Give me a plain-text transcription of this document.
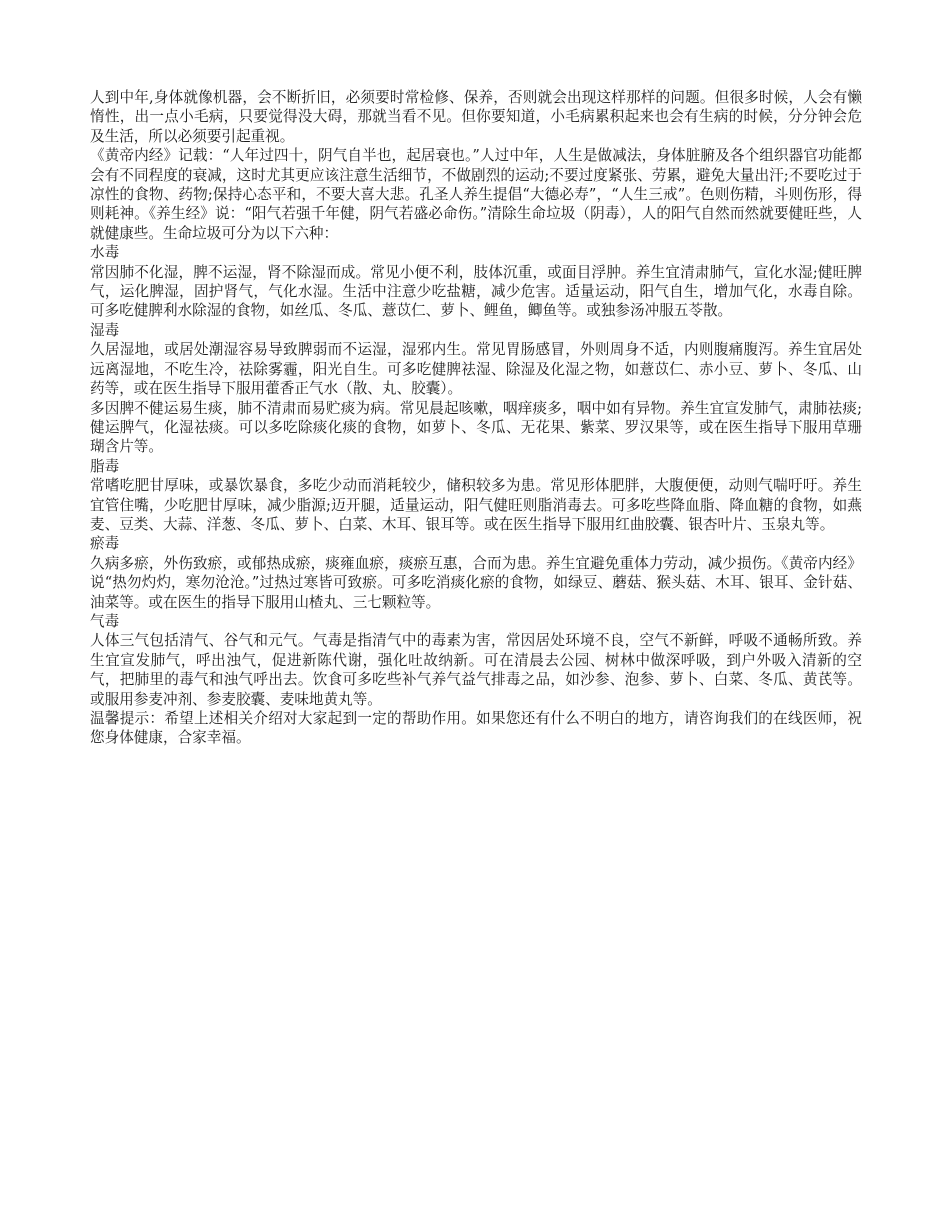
人到中年,身体就像机器，会不断折旧，必须要时常检修、保养，否则就会出现这样那样的问题。但很多时候，人会有懒惰性，出一点小毛病，只要觉得没大碍，那就当看不见。但你要知道，小毛病累积起来也会有生病的时候，分分钟会危及生活，所以必须要引起重视。

《黄帝内经》记载：“人年过四十，阴气自半也，起居衰也。”人过中年，人生是做减法，身体脏腑及各个组织器官功能都会有不同程度的衰减，这时尤其更应该注意生活细节，不做剧烈的运动;不要过度紧张、劳累，避免大量出汗;不要吃过于凉性的食物、药物;保持心态平和，不要大喜大悲。孔圣人养生提倡“大德必寿”，“人生三戒”。色则伤精，斗则伤形，得则耗神。《养生经》说：“阳气若强千年健，阴气若盛必命伤。”清除生命垃圾（阴毒），人的阳气自然而然就要健旺些，人就健康些。生命垃圾可分为以下六种：

水毒

常因肺不化湿，脾不运湿，肾不除湿而成。常见小便不利，肢体沉重，或面目浮肿。养生宜清肃肺气，宣化水湿;健旺脾气，运化脾湿，固护肾气，气化水湿。生活中注意少吃盐糖，减少危害。适量运动，阳气自生，增加气化，水毒自除。可多吃健脾利水除湿的食物，如丝瓜、冬瓜、薏苡仁、萝卜、鲤鱼，鲫鱼等。或独参汤冲服五苓散。

湿毒

久居湿地，或居处潮湿容易导致脾弱而不运湿，湿邪内生。常见胃肠感冒，外则周身不适，内则腹痛腹泻。养生宜居处远离湿地，不吃生冷，祛除雾霾，阳光自生。可多吃健脾祛湿、除湿及化湿之物，如薏苡仁、赤小豆、萝卜、冬瓜、山药等，或在医生指导下服用藿香正气水（散、丸、胶囊）。

多因脾不健运易生痰，肺不清肃而易贮痰为病。常见晨起咳嗽，咽痒痰多，咽中如有异物。养生宜宣发肺气，肃肺祛痰;健运脾气，化湿祛痰。可以多吃除痰化痰的食物，如萝卜、冬瓜、无花果、紫菜、罗汉果等，或在医生指导下服用草珊瑚含片等。

脂毒

常嗜吃肥甘厚味，或暴饮暴食，多吃少动而消耗较少，储积较多为患。常见形体肥胖，大腹便便，动则气喘吁吁。养生宜管住嘴，少吃肥甘厚味，减少脂源;迈开腿，适量运动，阳气健旺则脂消毒去。可多吃些降血脂、降血糖的食物，如燕麦、豆类、大蒜、洋葱、冬瓜、萝卜、白菜、木耳、银耳等。或在医生指导下服用红曲胶囊、银杏叶片、玉泉丸等。

瘀毒

久病多瘀，外伤致瘀，或郁热成瘀，痰雍血瘀，痰瘀互惠，合而为患。养生宜避免重体力劳动，减少损伤。《黄帝内经》说“热勿灼灼，寒勿沧沧。”过热过寒皆可致瘀。可多吃消痰化瘀的食物，如绿豆、蘑菇、猴头菇、木耳、银耳、金针菇、油菜等。或在医生的指导下服用山楂丸、三七颗粒等。

气毒

人体三气包括清气、谷气和元气。气毒是指清气中的毒素为害，常因居处环境不良，空气不新鲜，呼吸不通畅所致。养生宜宣发肺气，呼出浊气，促进新陈代谢，强化吐故纳新。可在清晨去公园、树林中做深呼吸，到户外吸入清新的空气，把肺里的毒气和浊气呼出去。饮食可多吃些补气养气益气排毒之品，如沙参、泡参、萝卜、白菜、冬瓜、黄芪等。或服用参麦冲剂、参麦胶囊、麦味地黄丸等。

温馨提示：希望上述相关介绍对大家起到一定的帮助作用。如果您还有什么不明白的地方，请咨询我们的在线医师，祝您身体健康，合家幸福。
